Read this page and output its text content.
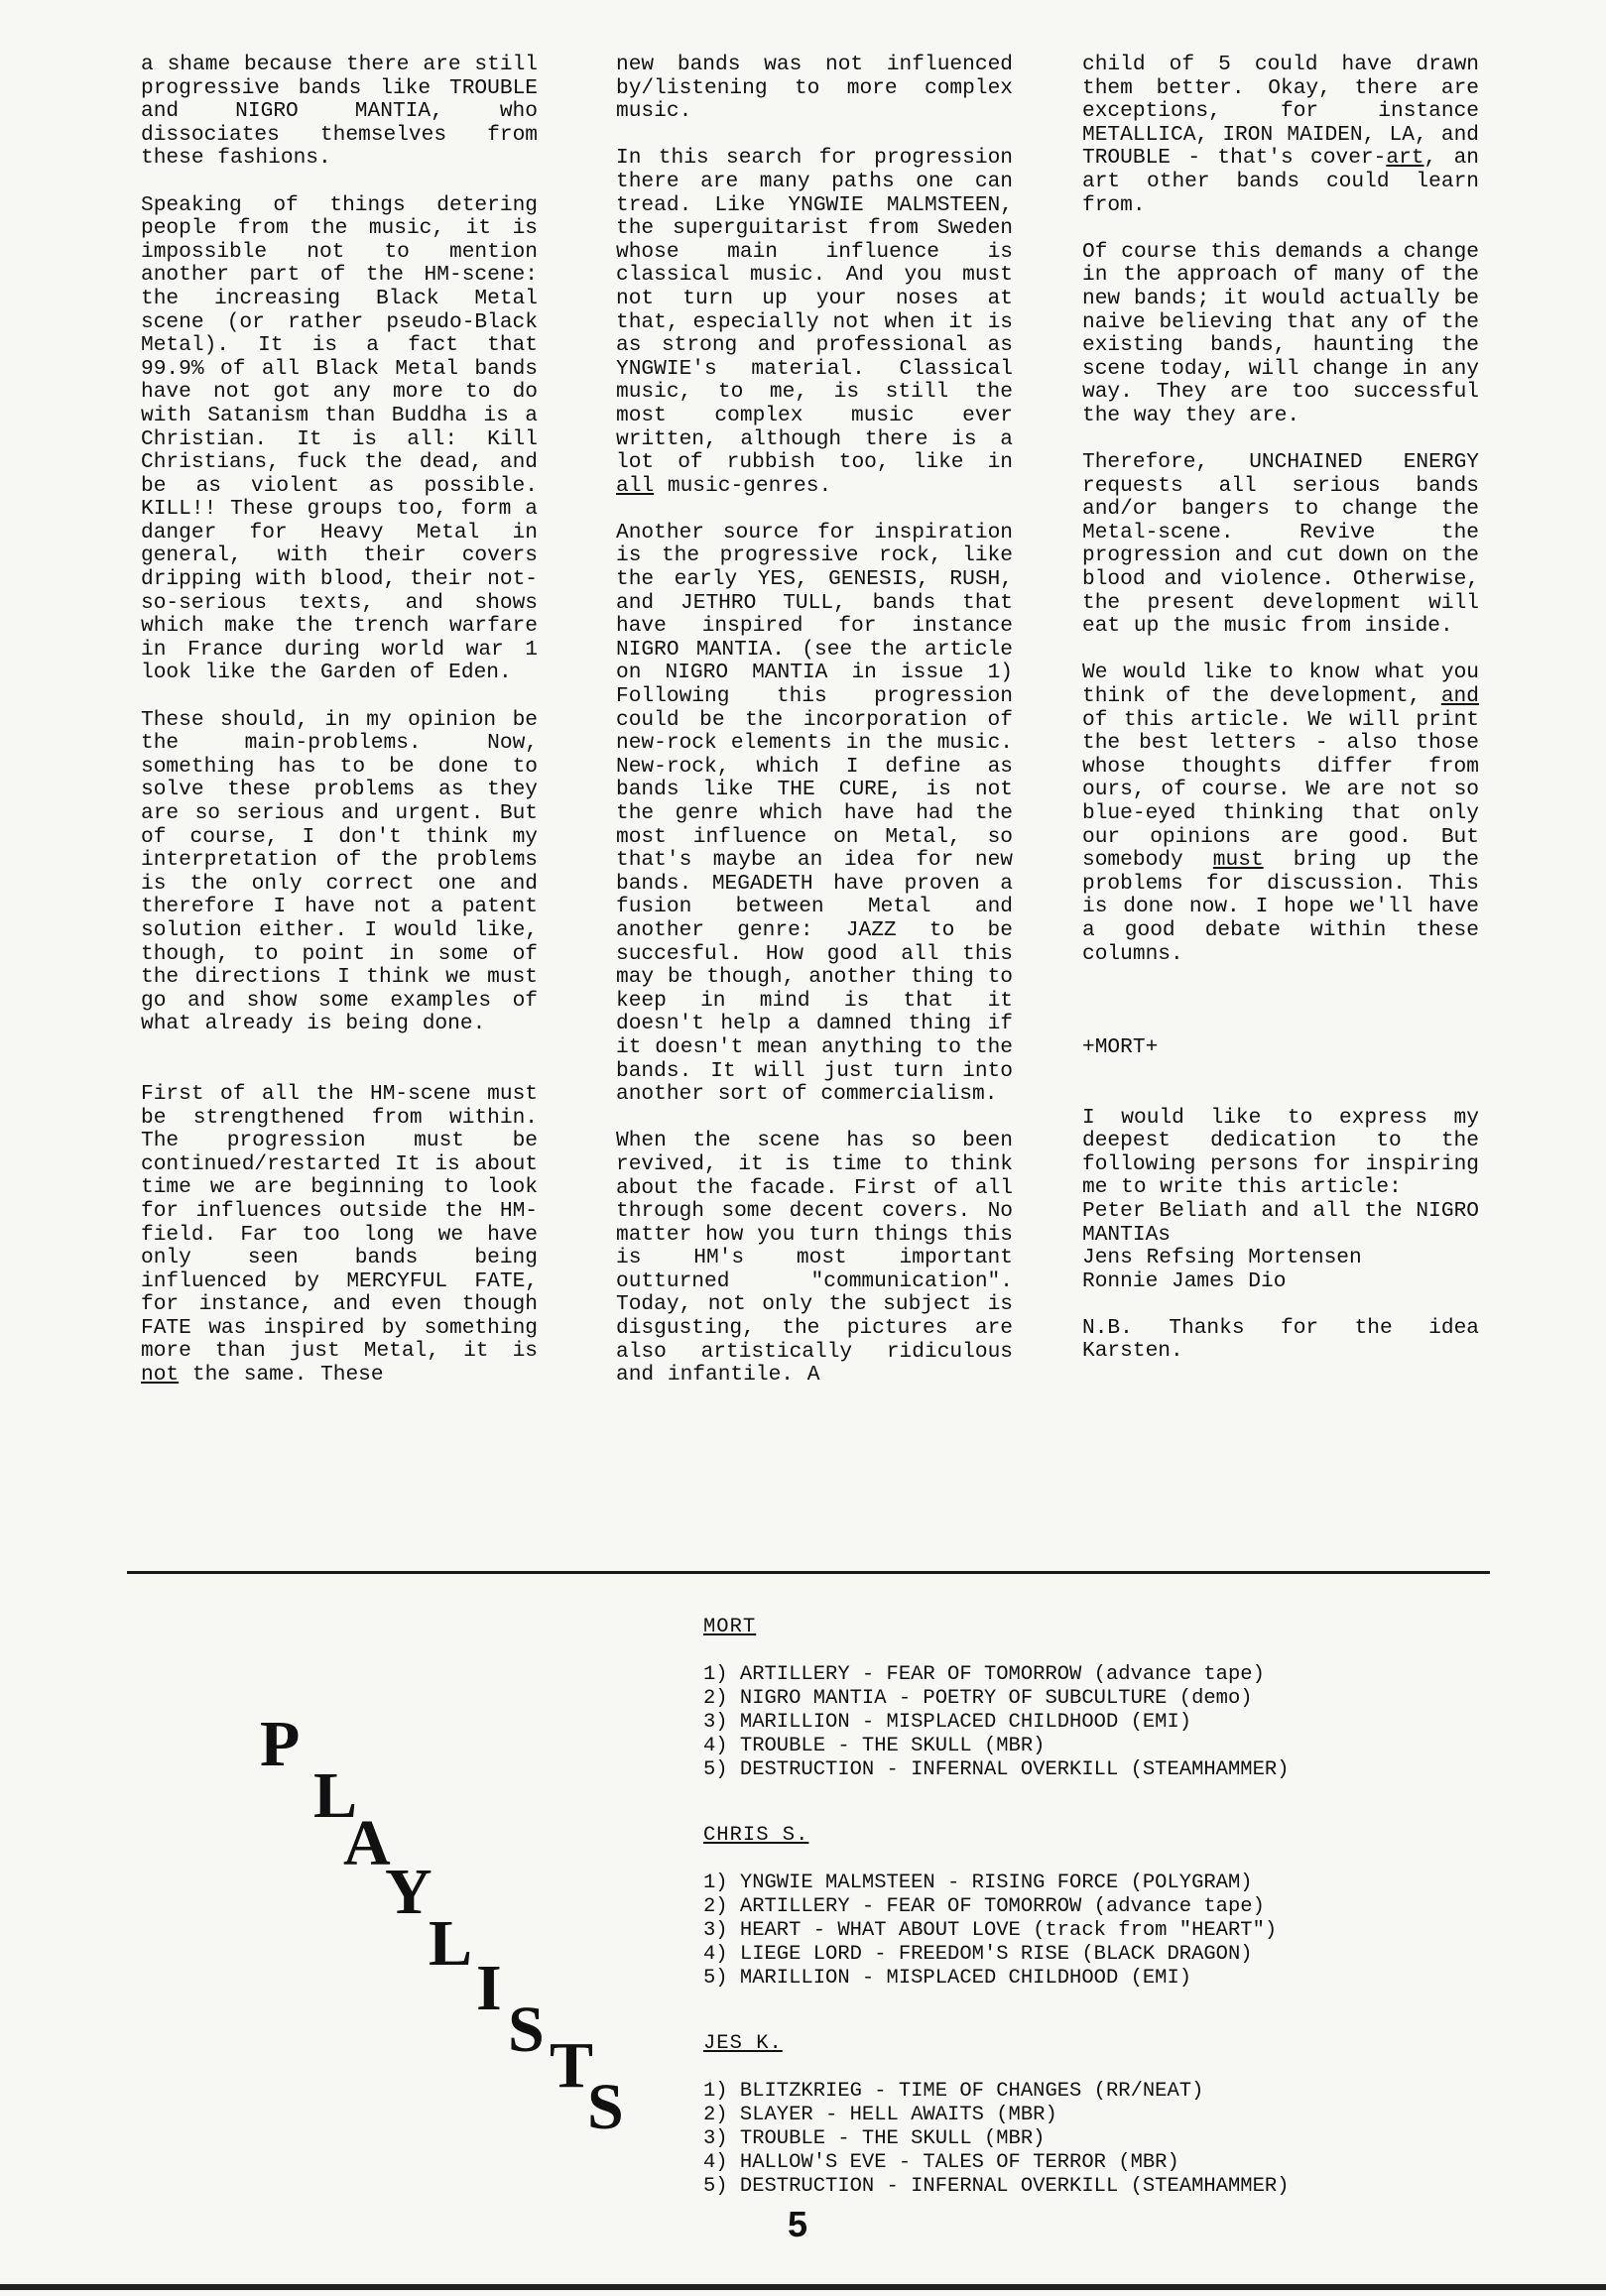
a shame because there are still progressive bands like TROUBLE and NIGRO MANTIA, who dissociates themselves from these fashions.

Speaking of things detering people from the music, it is impossible not to mention another part of the HM-scene: the increasing Black Metal scene (or rather pseudo-Black Metal). It is a fact that 99.9% of all Black Metal bands have not got any more to do with Satanism than Buddha is a Christian. It is all: Kill Christians, fuck the dead, and be as violent as possible. KILL!! These groups too, form a danger for Heavy Metal in general, with their covers dripping with blood, their not-so-serious texts, and shows which make the trench warfare in France during world war 1 look like the Garden of Eden.

These should, in my opinion be the main-problems. Now, something has to be done to solve these problems as they are so serious and urgent. But of course, I don't think my interpretation of the problems is the only correct one and therefore I have not a patent solution either. I would like, though, to point in some of the directions I think we must go and show some examples of what already is being done.

First of all the HM-scene must be strengthened from within. The progression must be continued/restarted It is about time we are beginning to look for influences outside the HM-field. Far too long we have only seen bands being influenced by MERCYFUL FATE, for instance, and even though FATE was inspired by something more than just Metal, it is not the same. These

new bands was not influenced by/listening to more complex music.

In this search for progression there are many paths one can tread. Like YNGWIE MALMSTEEN, the superguitarist from Sweden whose main influence is classical music. And you must not turn up your noses at that, especially not when it is as strong and professional as YNGWIE's material. Classical music, to me, is still the most complex music ever written, although there is a lot of rubbish too, like in all music-genres.

Another source for inspiration is the progressive rock, like the early YES, GENESIS, RUSH, and JETHRO TULL, bands that have inspired for instance NIGRO MANTIA. (see the article on NIGRO MANTIA in issue 1) Following this progression could be the incorporation of new-rock elements in the music. New-rock, which I define as bands like THE CURE, is not the genre which have had the most influence on Metal, so that's maybe an idea for new bands. MEGADETH have proven a fusion between Metal and another genre: JAZZ to be succesful. How good all this may be though, another thing to keep in mind is that it doesn't help a damned thing if it doesn't mean anything to the bands. It will just turn into another sort of commercialism.

When the scene has so been revived, it is time to think about the facade. First of all through some decent covers. No matter how you turn things this is HM's most important outturned "communication". Today, not only the subject is disgusting, the pictures are also artistically ridiculous and infantile. A

child of 5 could have drawn them better. Okay, there are exceptions, for instance METALLICA, IRON MAIDEN, LA, and TROUBLE - that's cover-art, an art other bands could learn from.

Of course this demands a change in the approach of many of the new bands; it would actually be naive believing that any of the existing bands, haunting the scene today, will change in any way. They are too successful the way they are.

Therefore, UNCHAINED ENERGY requests all serious bands and/or bangers to change the Metal-scene. Revive the progression and cut down on the blood and violence. Otherwise, the present development will eat up the music from inside.

We would like to know what you think of the development, and of this article. We will print the best letters - also those whose thoughts differ from ours, of course. We are not so blue-eyed thinking that only our opinions are good. But somebody must bring up the problems for discussion. This is done now. I hope we'll have a good debate within these columns.

+MORT+

I would like to express my deepest dedication to the following persons for inspiring me to write this article:

Peter Beliath and all the NIGRO MANTIAs

Jens Refsing Mortensen

Ronnie James Dio

N.B. Thanks for the idea Karsten.

P
L
A
Y
L
I
S T
S
MORT
1) ARTILLERY - FEAR OF TOMORROW (advance tape)
2) NIGRO MANTIA - POETRY OF SUBCULTURE (demo)
3) MARILLION - MISPLACED CHILDHOOD (EMI)
4) TROUBLE - THE SKULL (MBR)
5) DESTRUCTION - INFERNAL OVERKILL (STEAMHAMMER)
CHRIS S.
1) YNGWIE MALMSTEEN - RISING FORCE (POLYGRAM)
2) ARTILLERY - FEAR OF TOMORROW (advance tape)
3) HEART - WHAT ABOUT LOVE (track from "HEART")
4) LIEGE LORD - FREEDOM'S RISE (BLACK DRAGON)
5) MARILLION - MISPLACED CHILDHOOD (EMI)
JES K.
1) BLITZKRIEG - TIME OF CHANGES (RR/NEAT)
2) SLAYER - HELL AWAITS (MBR)
3) TROUBLE - THE SKULL (MBR)
4) HALLOW'S EVE - TALES OF TERROR (MBR)
5) DESTRUCTION - INFERNAL OVERKILL (STEAMHAMMER)
5
